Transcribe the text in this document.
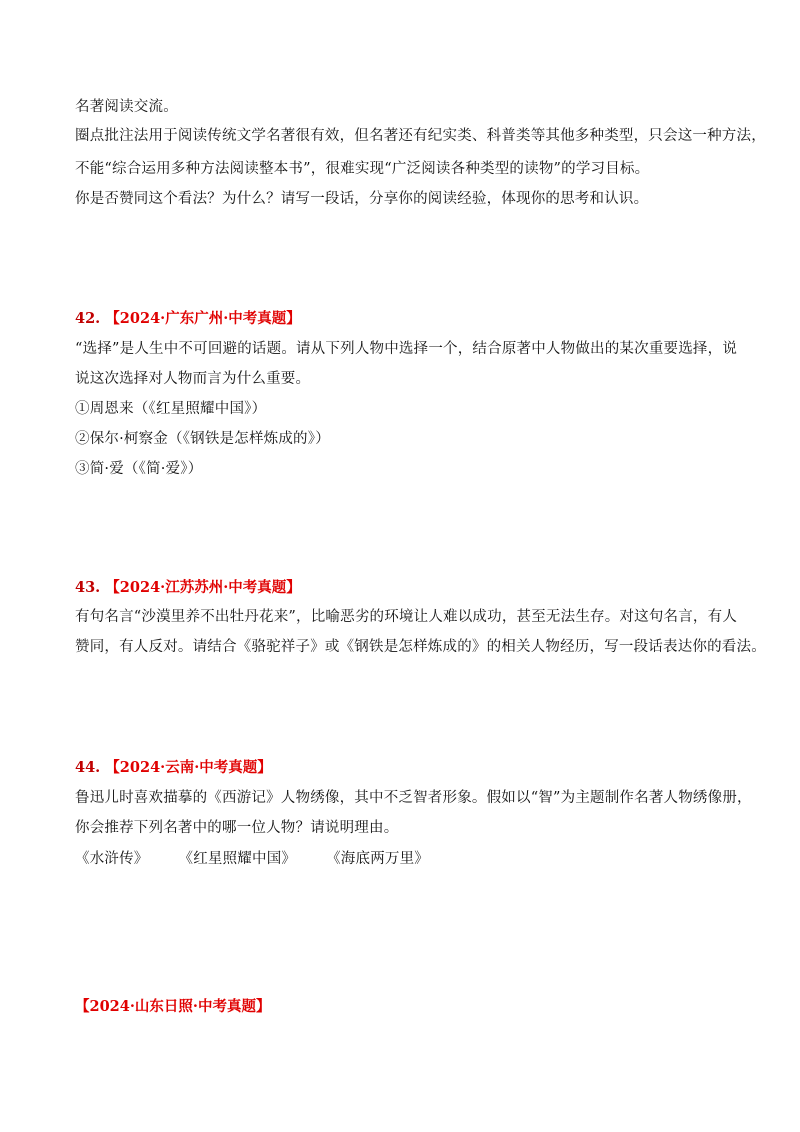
名著阅读交流。
圈点批注法用于阅读传统文学名著很有效，但名著还有纪实类、科普类等其他多种类型，只会这一种方法，
不能“综合运用多种方法阅读整本书”，很难实现“广泛阅读各种类型的读物”的学习目标。
你是否赞同这个看法？为什么？请写一段话，分享你的阅读经验，体现你的思考和认识。
42. 【2024·广东广州·中考真题】
“选择”是人生中不可回避的话题。请从下列人物中选择一个，结合原著中人物做出的某次重要选择，说
说这次选择对人物而言为什么重要。
①周恩来（《红星照耀中国》）
②保尔·柯察金（《钢铁是怎样炼成的》）
③简·爱（《简·爱》）
43. 【2024·江苏苏州·中考真题】
有句名言“沙漠里养不出牡丹花来”，比喻恶劣的环境让人难以成功，甚至无法生存。对这句名言，有人
赞同，有人反对。请结合《骆驼祥子》或《钢铁是怎样炼成的》的相关人物经历，写一段话表达你的看法。
44. 【2024·云南·中考真题】
鲁迅儿时喜欢描摹的《西游记》人物绣像，其中不乏智者形象。假如以“智”为主题制作名著人物绣像册，
你会推荐下列名著中的哪一位人物？请说明理由。
《水浒传》 《红星照耀中国》 《海底两万里》
【2024·山东日照·中考真题】
